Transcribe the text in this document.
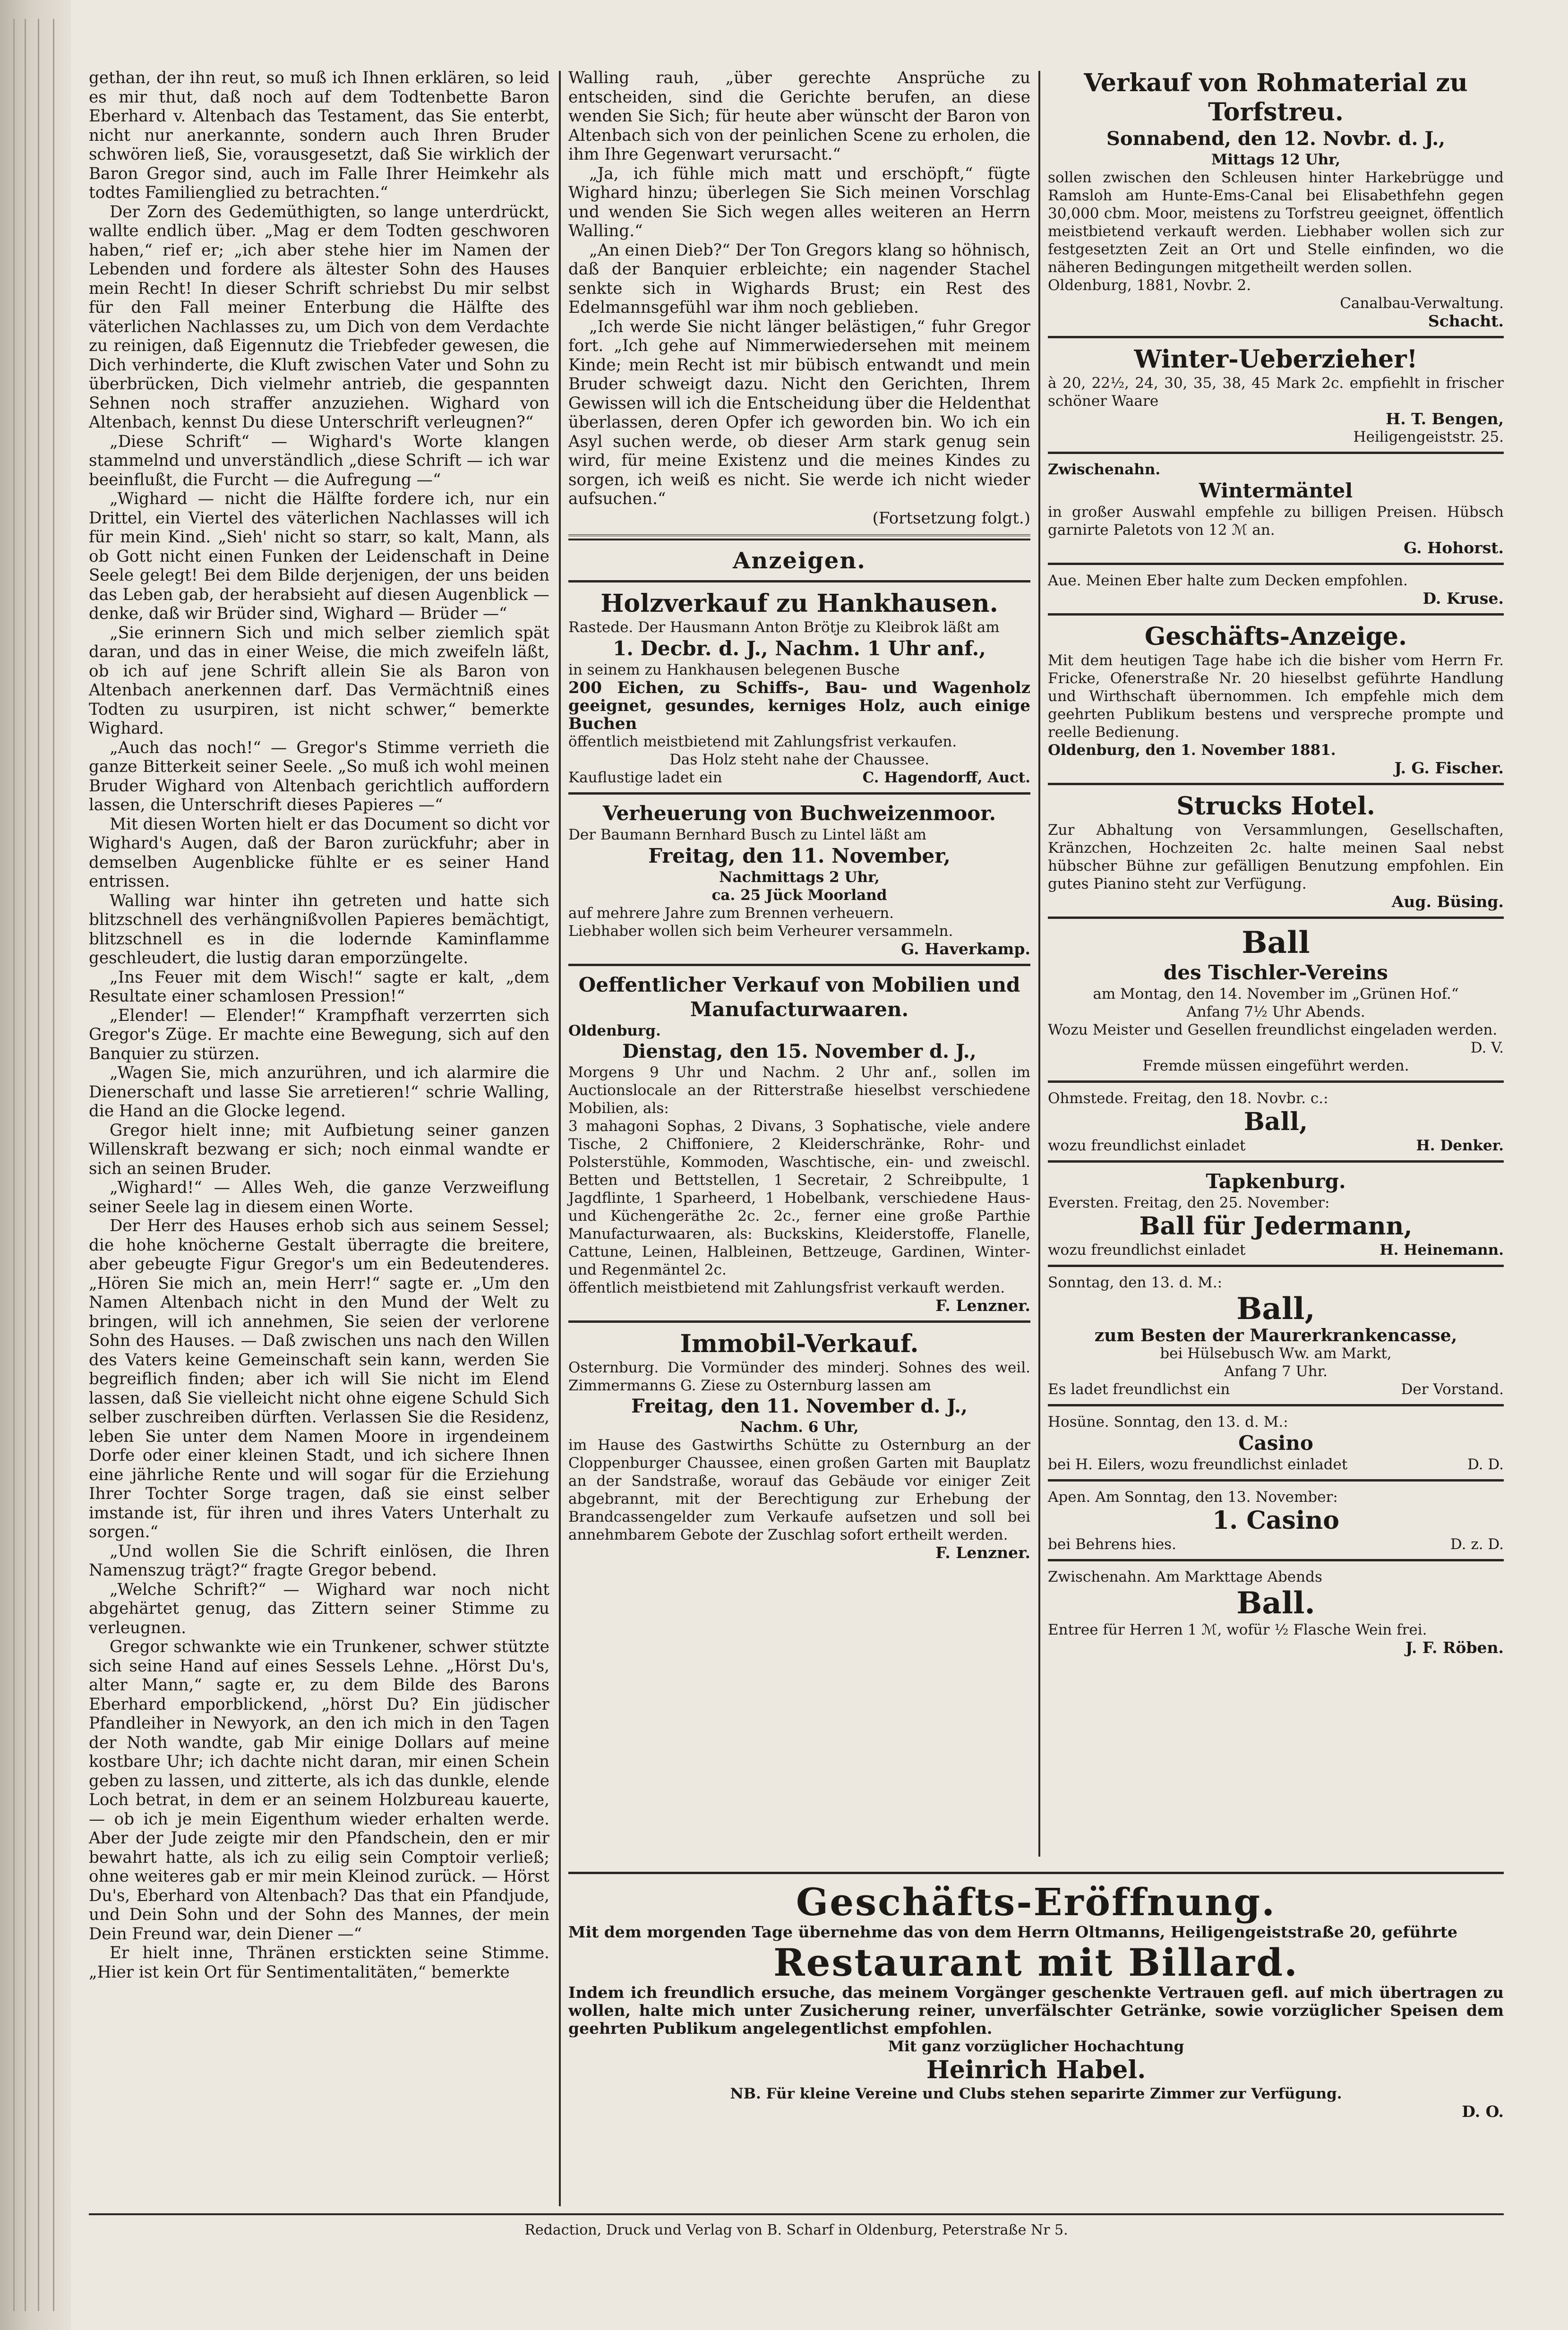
gethan, der ihn reut, so muß ich Ihnen erklären, so leid es mir thut, daß noch auf dem Todtenbette Baron Eberhard v. Altenbach das Testament, das Sie enterbt, nicht nur anerkannte, sondern auch Ihren Bruder schwören ließ, Sie, vorausgesetzt, daß Sie wirklich der Baron Gregor sind, auch im Falle Ihrer Heimkehr als todtes Familienglied zu betrachten.“

Der Zorn des Gedemüthigten, so lange unterdrückt, wallte endlich über. „Mag er dem Todten geschworen haben,“ rief er; „ich aber stehe hier im Namen der Lebenden und fordere als ältester Sohn des Hauses mein Recht! In dieser Schrift schriebst Du mir selbst für den Fall meiner Enterbung die Hälfte des väterlichen Nachlasses zu, um Dich von dem Verdachte zu reinigen, daß Eigennutz die Triebfeder gewesen, die Dich verhinderte, die Kluft zwischen Vater und Sohn zu überbrücken, Dich vielmehr antrieb, die gespannten Sehnen noch straffer anzuziehen. Wighard von Altenbach, kennst Du diese Unterschrift verleugnen?“

„Diese Schrift“ — Wighard's Worte klangen stammelnd und unverständlich „diese Schrift — ich war beeinflußt, die Furcht — die Aufregung —“

„Wighard — nicht die Hälfte fordere ich, nur ein Drittel, ein Viertel des väterlichen Nachlasses will ich für mein Kind. „Sieh' nicht so starr, so kalt, Mann, als ob Gott nicht einen Funken der Leidenschaft in Deine Seele gelegt! Bei dem Bilde derjenigen, der uns beiden das Leben gab, der herabsieht auf diesen Augenblick — denke, daß wir Brüder sind, Wighard — Brüder —“

„Sie erinnern Sich und mich selber ziemlich spät daran, und das in einer Weise, die mich zweifeln läßt, ob ich auf jene Schrift allein Sie als Baron von Altenbach anerkennen darf. Das Vermächtniß eines Todten zu usurpiren, ist nicht schwer,“ bemerkte Wighard.

„Auch das noch!“ — Gregor's Stimme verrieth die ganze Bitterkeit seiner Seele. „So muß ich wohl meinen Bruder Wighard von Altenbach gerichtlich auffordern lassen, die Unterschrift dieses Papieres —“

Mit diesen Worten hielt er das Document so dicht vor Wighard's Augen, daß der Baron zurückfuhr; aber in demselben Augenblicke fühlte er es seiner Hand entrissen.

Walling war hinter ihn getreten und hatte sich blitzschnell des verhängnißvollen Papieres bemächtigt, blitzschnell es in die lodernde Kaminflamme geschleudert, die lustig daran emporzüngelte.

„Ins Feuer mit dem Wisch!“ sagte er kalt, „dem Resultate einer schamlosen Pression!“

„Elender! — Elender!“ Krampfhaft verzerrten sich Gregor's Züge. Er machte eine Bewegung, sich auf den Banquier zu stürzen.

„Wagen Sie, mich anzurühren, und ich alarmire die Dienerschaft und lasse Sie arretieren!“ schrie Walling, die Hand an die Glocke legend.

Gregor hielt inne; mit Aufbietung seiner ganzen Willenskraft bezwang er sich; noch einmal wandte er sich an seinen Bruder.

„Wighard!“ — Alles Weh, die ganze Verzweiflung seiner Seele lag in diesem einen Worte.

Der Herr des Hauses erhob sich aus seinem Sessel; die hohe knöcherne Gestalt überragte die breitere, aber gebeugte Figur Gregor's um ein Bedeutenderes. „Hören Sie mich an, mein Herr!“ sagte er. „Um den Namen Altenbach nicht in den Mund der Welt zu bringen, will ich annehmen, Sie seien der verlorene Sohn des Hauses. — Daß zwischen uns nach den Willen des Vaters keine Gemeinschaft sein kann, werden Sie begreiflich finden; aber ich will Sie nicht im Elend lassen, daß Sie vielleicht nicht ohne eigene Schuld Sich selber zuschreiben dürften. Verlassen Sie die Residenz, leben Sie unter dem Namen Moore in irgendeinem Dorfe oder einer kleinen Stadt, und ich sichere Ihnen eine jährliche Rente und will sogar für die Erziehung Ihrer Tochter Sorge tragen, daß sie einst selber imstande ist, für ihren und ihres Vaters Unterhalt zu sorgen.“

„Und wollen Sie die Schrift einlösen, die Ihren Namenszug trägt?“ fragte Gregor bebend.

„Welche Schrift?“ — Wighard war noch nicht abgehärtet genug, das Zittern seiner Stimme zu verleugnen.

Gregor schwankte wie ein Trunkener, schwer stützte sich seine Hand auf eines Sessels Lehne. „Hörst Du's, alter Mann,“ sagte er, zu dem Bilde des Barons Eberhard emporblickend, „hörst Du? Ein jüdischer Pfandleiher in Newyork, an den ich mich in den Tagen der Noth wandte, gab Mir einige Dollars auf meine kostbare Uhr; ich dachte nicht daran, mir einen Schein geben zu lassen, und zitterte, als ich das dunkle, elende Loch betrat, in dem er an seinem Holzbureau kauerte, — ob ich je mein Eigenthum wieder erhalten werde. Aber der Jude zeigte mir den Pfandschein, den er mir bewahrt hatte, als ich zu eilig sein Comptoir verließ; ohne weiteres gab er mir mein Kleinod zurück. — Hörst Du's, Eberhard von Altenbach? Das that ein Pfandjude, und Dein Sohn und der Sohn des Mannes, der mein Dein Freund war, dein Diener —“

Er hielt inne, Thränen erstickten seine Stimme. „Hier ist kein Ort für Sentimentalitäten,“ bemerkte

Walling rauh, „über gerechte Ansprüche zu entscheiden, sind die Gerichte berufen, an diese wenden Sie Sich; für heute aber wünscht der Baron von Altenbach sich von der peinlichen Scene zu erholen, die ihm Ihre Gegenwart verursacht.“

„Ja, ich fühle mich matt und erschöpft,“ fügte Wighard hinzu; überlegen Sie Sich meinen Vorschlag und wenden Sie Sich wegen alles weiteren an Herrn Walling.“

„An einen Dieb?“ Der Ton Gregors klang so höhnisch, daß der Banquier erbleichte; ein nagender Stachel senkte sich in Wighards Brust; ein Rest des Edelmannsgefühl war ihm noch geblieben.

„Ich werde Sie nicht länger belästigen,“ fuhr Gregor fort. „Ich gehe auf Nimmerwiedersehen mit meinem Kinde; mein Recht ist mir bübisch entwandt und mein Bruder schweigt dazu. Nicht den Gerichten, Ihrem Gewissen will ich die Entscheidung über die Heldenthat überlassen, deren Opfer ich geworden bin. Wo ich ein Asyl suchen werde, ob dieser Arm stark genug sein wird, für meine Existenz und die meines Kindes zu sorgen, ich weiß es nicht. Sie werde ich nicht wieder aufsuchen.“

(Fortsetzung folgt.)
Anzeigen.
Holzverkauf zu Hankhausen.
Rastede. Der Hausmann Anton Brötje zu Kleibrok läßt am
1. Decbr. d. J., Nachm. 1 Uhr anf.,
in seinem zu Hankhausen belegenen Busche
200 Eichen, zu Schiffs-, Bau- und Wagenholz geeignet, gesundes, kerniges Holz, auch einige Buchen
öffentlich meistbietend mit Zahlungsfrist verkaufen.
Das Holz steht nahe der Chaussee.
Kauflustige ladet ein	C. Hagendorff, Auct.
Verheuerung von Buchweizenmoor.
Der Baumann Bernhard Busch zu Lintel läßt am
Freitag, den 11. November,
Nachmittags 2 Uhr,
ca. 25 Jück Moorland
auf mehrere Jahre zum Brennen verheuern.
Liebhaber wollen sich beim Verheurer versammeln.
G. Haverkamp.
Oeffentlicher Verkauf von Mobilien und Manufacturwaaren.
Oldenburg.
Dienstag, den 15. November d. J.,
Morgens 9 Uhr und Nachm. 2 Uhr anf., sollen im Auctionslocale an der Ritterstraße hieselbst verschiedene Mobilien, als:
3 mahagoni Sophas, 2 Divans, 3 Sophatische, viele andere Tische, 2 Chiffoniere, 2 Kleiderschränke, Rohr- und Polsterstühle, Kommoden, Waschtische, ein- und zweischl. Betten und Bettstellen, 1 Secretair, 2 Schreibpulte, 1 Jagdflinte, 1 Sparheerd, 1 Hobelbank, verschiedene Haus- und Küchengeräthe 2c. 2c., ferner eine große Parthie Manufacturwaaren, als: Buckskins, Kleiderstoffe, Flanelle, Cattune, Leinen, Halbleinen, Bettzeuge, Gardinen, Winter- und Regenmäntel 2c.
öffentlich meistbietend mit Zahlungsfrist verkauft werden.
F. Lenzner.
Immobil-Verkauf.
Osternburg. Die Vormünder des minderj. Sohnes des weil. Zimmermanns G. Ziese zu Osternburg lassen am
Freitag, den 11. November d. J.,
Nachm. 6 Uhr,
im Hause des Gastwirths Schütte zu Osternburg an der Cloppenburger Chaussee, einen großen Garten mit Bauplatz an der Sandstraße, worauf das Gebäude vor einiger Zeit abgebrannt, mit der Berechtigung zur Erhebung der Brandcassengelder zum Verkaufe aufsetzen und soll bei annehmbarem Gebote der Zuschlag sofort ertheilt werden.
F. Lenzner.
Verkauf von Rohmaterial zu Torfstreu.
Sonnabend, den 12. Novbr. d. J.,
Mittags 12 Uhr,
sollen zwischen den Schleusen hinter Harkebrügge und Ramsloh am Hunte-Ems-Canal bei Elisabethfehn gegen 30,000 cbm. Moor, meistens zu Torfstreu geeignet, öffentlich meistbietend verkauft werden. Liebhaber wollen sich zur festgesetzten Zeit an Ort und Stelle einfinden, wo die näheren Bedingungen mitgetheilt werden sollen.
Oldenburg, 1881, Novbr. 2.
Canalbau-Verwaltung.
Schacht.
Winter-Ueberzieher!
à 20, 22½, 24, 30, 35, 38, 45 Mark 2c. empfiehlt in frischer schöner Waare
H. T. Bengen,
Heiligengeiststr. 25.
Zwischenahn.
Wintermäntel
in großer Auswahl empfehle zu billigen Preisen. Hübsch garnirte Paletots von 12 ℳ an.
G. Hohorst.
Aue. Meinen Eber halte zum Decken empfohlen.
D. Kruse.
Geschäfts-Anzeige.
Mit dem heutigen Tage habe ich die bisher vom Herrn Fr. Fricke, Ofenerstraße Nr. 20 hieselbst geführte Handlung und Wirthschaft übernommen. Ich empfehle mich dem geehrten Publikum bestens und verspreche prompte und reelle Bedienung.
Oldenburg, den 1. November 1881.
J. G. Fischer.
Strucks Hotel.
Zur Abhaltung von Versammlungen, Gesellschaften, Kränzchen, Hochzeiten 2c. halte meinen Saal nebst hübscher Bühne zur gefälligen Benutzung empfohlen. Ein gutes Pianino steht zur Verfügung.
Aug. Büsing.
Ball
des Tischler-Vereins
am Montag, den 14. November im „Grünen Hof.“
Anfang 7½ Uhr Abends.
Wozu Meister und Gesellen freundlichst eingeladen werden.
D. V.
Fremde müssen eingeführt werden.
Ohmstede. Freitag, den 18. Novbr. c.:
Ball,
wozu freundlichst einladet	H. Denker.
Tapkenburg.
Eversten. Freitag, den 25. November:
Ball für Jedermann,
wozu freundlichst einladet	H. Heinemann.
Sonntag, den 13. d. M.:
Ball,
zum Besten der Maurerkrankencasse,
bei Hülsebusch Ww. am Markt,
Anfang 7 Uhr.
Es ladet freundlichst ein	Der Vorstand.
Hosüne. Sonntag, den 13. d. M.:
Casino
bei H. Eilers, wozu freundlichst einladet	D. D.
Apen. Am Sonntag, den 13. November:
1. Casino
bei Behrens hies.	D. z. D.
Zwischenahn. Am Markttage Abends
Ball.
Entree für Herren 1 ℳ, wofür ½ Flasche Wein frei.
J. F. Röben.
Geschäfts-Eröffnung.
Mit dem morgenden Tage übernehme das von dem Herrn Oltmanns, Heiligengeiststraße 20, geführte
Restaurant mit Billard.
Indem ich freundlich ersuche, das meinem Vorgänger geschenkte Vertrauen gefl. auf mich übertragen zu wollen, halte mich unter Zusicherung reiner, unverfälschter Getränke, sowie vorzüglicher Speisen dem geehrten Publikum angelegentlichst empfohlen.
Mit ganz vorzüglicher Hochachtung
Heinrich Habel.
NB. Für kleine Vereine und Clubs stehen separirte Zimmer zur Verfügung.
D. O.
Redaction, Druck und Verlag von B. Scharf in Oldenburg, Peterstraße Nr 5.
